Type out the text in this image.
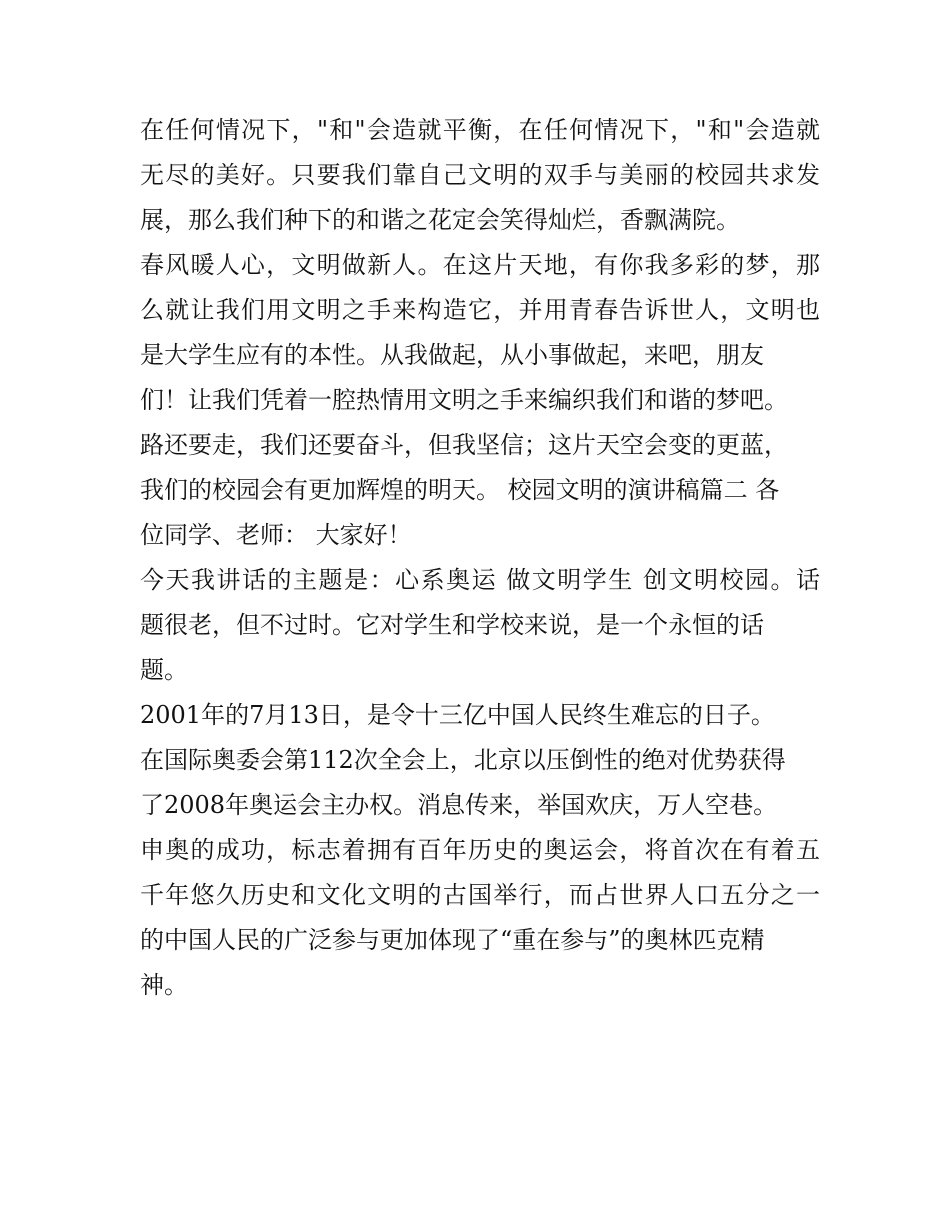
在任何情况下，"和"会造就平衡，在任何情况下，"和"会造就
无尽的美好。只要我们靠自己文明的双手与美丽的校园共求发
展，那么我们种下的和谐之花定会笑得灿烂，香飘满院。
春风暖人心，文明做新人。在这片天地，有你我多彩的梦，那
么就让我们用文明之手来构造它，并用青春告诉世人，文明也
是大学生应有的本性。从我做起，从小事做起，来吧，朋友
们！让我们凭着一腔热情用文明之手来编织我们和谐的梦吧。
路还要走，我们还要奋斗，但我坚信；这片天空会变的更蓝，
我们的校园会有更加辉煌的明天。 校园文明的演讲稿篇二 各
位同学、老师： 大家好！
今天我讲话的主题是：心系奥运 做文明学生 创文明校园。话
题很老，但不过时。它对学生和学校来说，是一个永恒的话
题。
2001年的7月13日，是令十三亿中国人民终生难忘的日子。
在国际奥委会第112次全会上，北京以压倒性的绝对优势获得
了2008年奥运会主办权。消息传来，举国欢庆，万人空巷。
申奥的成功，标志着拥有百年历史的奥运会，将首次在有着五
千年悠久历史和文化文明的古国举行，而占世界人口五分之一
的中国人民的广泛参与更加体现了“重在参与”的奥林匹克精
神。
